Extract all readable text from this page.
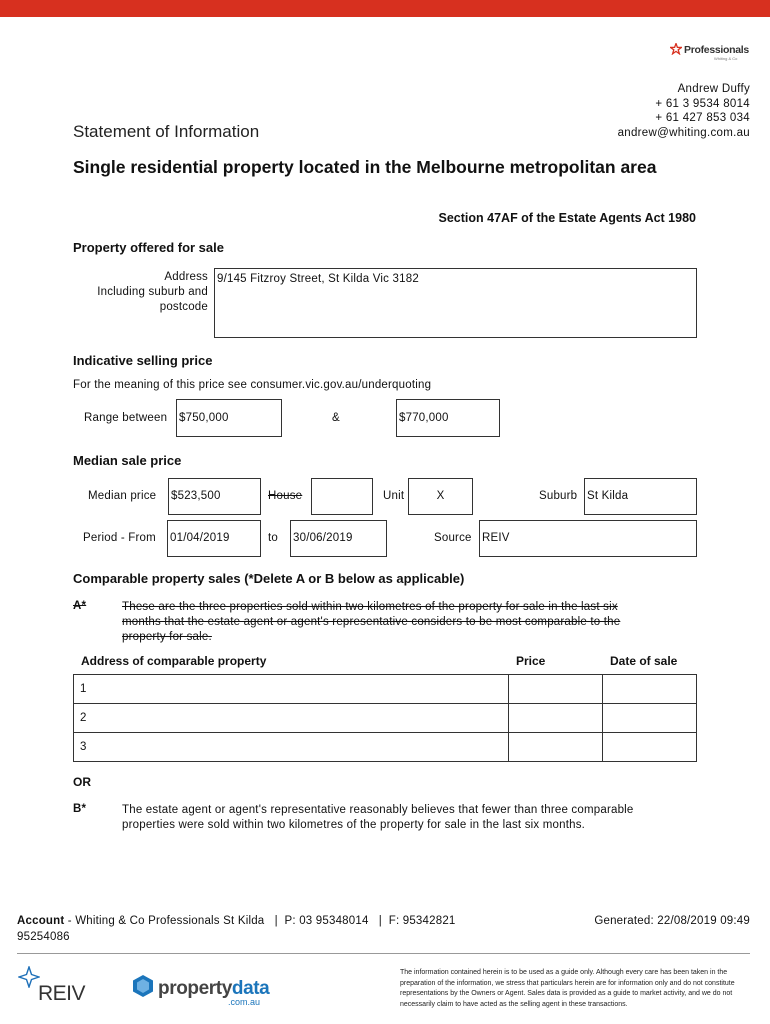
Professionals
Whiting & Co
Andrew Duffy
+ 61 3 9534 8014
+ 61 427 853 034
andrew@whiting.com.au
Statement of Information
Single residential property located in the Melbourne metropolitan area
Section 47AF of the Estate Agents Act 1980
Property offered for sale
Address
Including suburb and
postcode
9/145 Fitzroy Street, St Kilda Vic 3182
Indicative selling price
For the meaning of this price see consumer.vic.gov.au/underquoting
Range between $750,000	&	$770,000
Median sale price
Median price $523,500	House	Unit	X	Suburb St Kilda
Period - From 01/04/2019	to 30/06/2019	Source REIV
Comparable property sales (*Delete A or B below as applicable)
A*	These are the three properties sold within two kilometres of the property for sale in the last six
months that the estate agent or agent's representative considers to be most comparable to the
property for sale.
Address of comparable property	Price	Date of sale
1		
2		
3		
OR
B*	The estate agent or agent's representative reasonably believes that fewer than three comparable
properties were sold within two kilometres of the property for sale in the last six months.
Account - Whiting & Co Professionals St Kilda   |  P: 03 95348014   |  F: 95342821
95254086
Generated: 22/08/2019 09:49
REIV	propertydata
.com.au
The information contained herein is to be used as a guide only. Although every care has been taken in the preparation of the information, we stress that particulars herein are for information only and do not constitute representations by the Owners or Agent. Sales data is provided as a guide to market activity, and we do not necessarily claim to have acted as the selling agent in these transactions.
